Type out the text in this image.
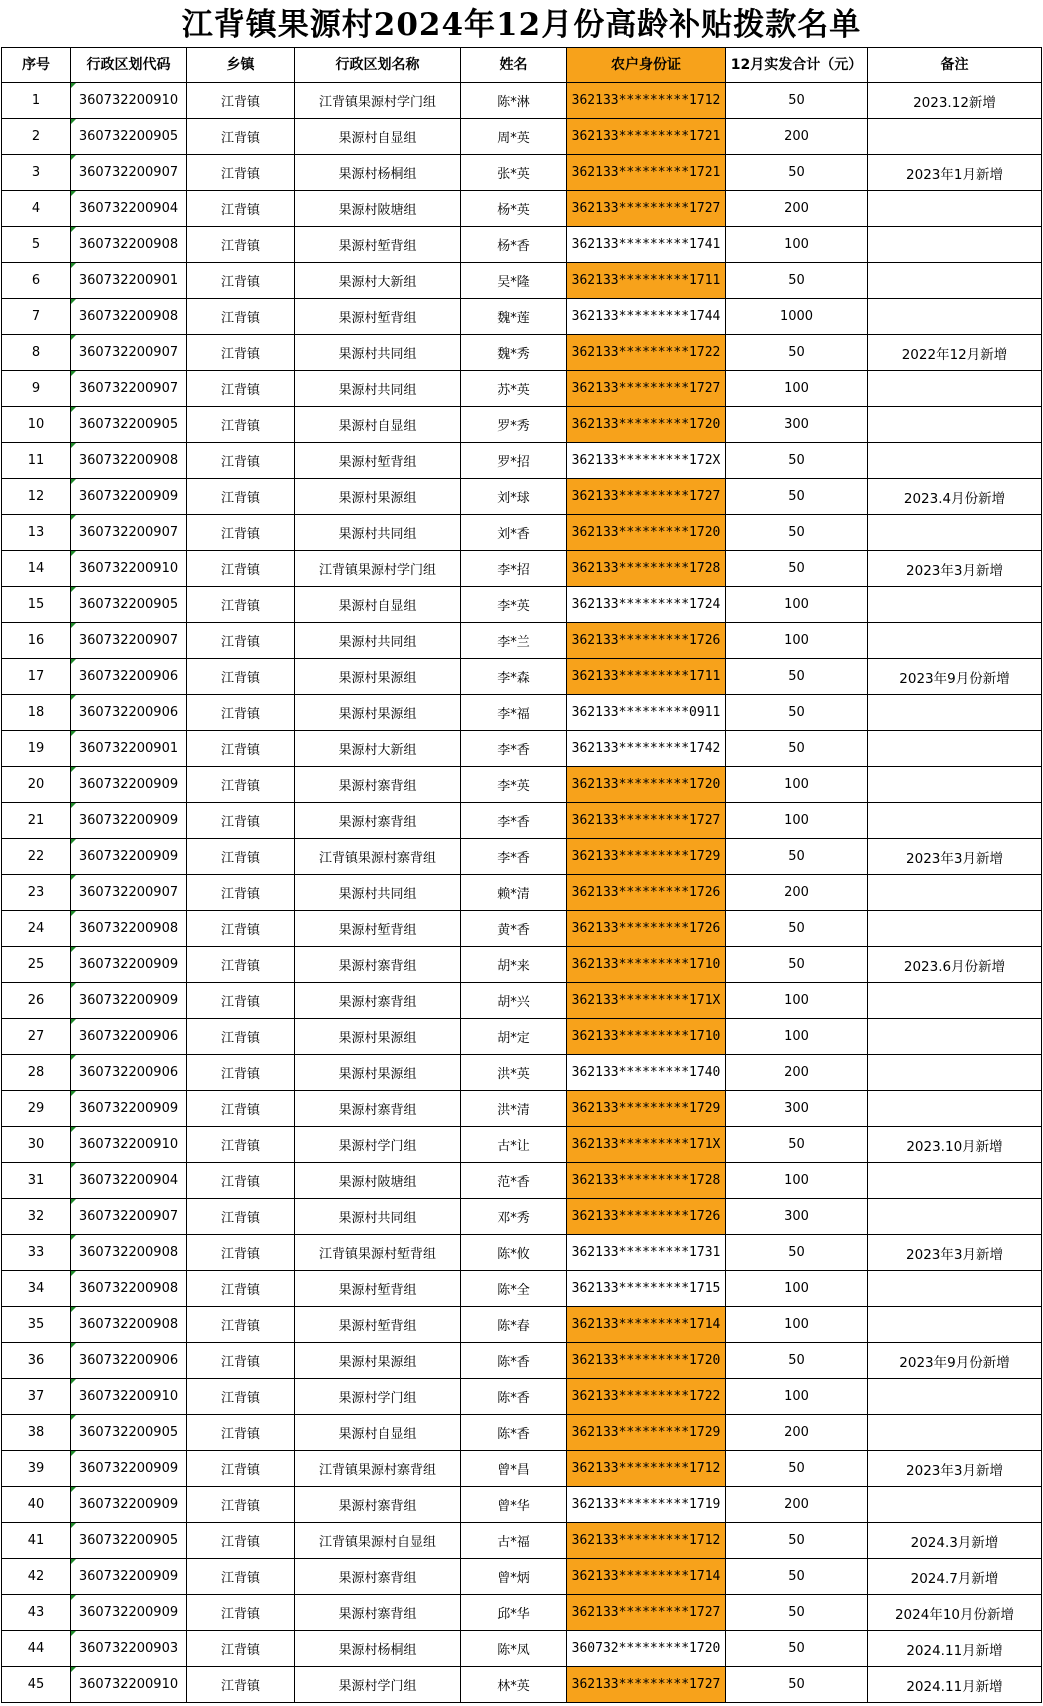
江背镇果源村2024年12月份高龄补贴拨款名单
序号	行政区划代码	乡镇	行政区划名称	姓名	农户身份证	12月实发合计（元）	备注
1	360732200910	江背镇	江背镇果源村学门组	陈*淋	362133*********1712	50	2023.12新增
2	360732200905	江背镇	果源村自显组	周*英	362133*********1721	200	
3	360732200907	江背镇	果源村杨桐组	张*英	362133*********1721	50	2023年1月新增
4	360732200904	江背镇	果源村陂塘组	杨*英	362133*********1727	200	
5	360732200908	江背镇	果源村堑背组	杨*香	362133*********1741	100	
6	360732200901	江背镇	果源村大新组	吴*隆	362133*********1711	50	
7	360732200908	江背镇	果源村堑背组	魏*莲	362133*********1744	1000	
8	360732200907	江背镇	果源村共同组	魏*秀	362133*********1722	50	2022年12月新增
9	360732200907	江背镇	果源村共同组	苏*英	362133*********1727	100	
10	360732200905	江背镇	果源村自显组	罗*秀	362133*********1720	300	
11	360732200908	江背镇	果源村堑背组	罗*招	362133*********172X	50	
12	360732200909	江背镇	果源村果源组	刘*球	362133*********1727	50	2023.4月份新增
13	360732200907	江背镇	果源村共同组	刘*香	362133*********1720	50	
14	360732200910	江背镇	江背镇果源村学门组	李*招	362133*********1728	50	2023年3月新增
15	360732200905	江背镇	果源村自显组	李*英	362133*********1724	100	
16	360732200907	江背镇	果源村共同组	李*兰	362133*********1726	100	
17	360732200906	江背镇	果源村果源组	李*森	362133*********1711	50	2023年9月份新增
18	360732200906	江背镇	果源村果源组	李*福	362133*********0911	50	
19	360732200901	江背镇	果源村大新组	李*香	362133*********1742	50	
20	360732200909	江背镇	果源村寨背组	李*英	362133*********1720	100	
21	360732200909	江背镇	果源村寨背组	李*香	362133*********1727	100	
22	360732200909	江背镇	江背镇果源村寨背组	李*香	362133*********1729	50	2023年3月新增
23	360732200907	江背镇	果源村共同组	赖*清	362133*********1726	200	
24	360732200908	江背镇	果源村堑背组	黄*香	362133*********1726	50	
25	360732200909	江背镇	果源村寨背组	胡*来	362133*********1710	50	2023.6月份新增
26	360732200909	江背镇	果源村寨背组	胡*兴	362133*********171X	100	
27	360732200906	江背镇	果源村果源组	胡*定	362133*********1710	100	
28	360732200906	江背镇	果源村果源组	洪*英	362133*********1740	200	
29	360732200909	江背镇	果源村寨背组	洪*清	362133*********1729	300	
30	360732200910	江背镇	果源村学门组	古*让	362133*********171X	50	2023.10月新增
31	360732200904	江背镇	果源村陂塘组	范*香	362133*********1728	100	
32	360732200907	江背镇	果源村共同组	邓*秀	362133*********1726	300	
33	360732200908	江背镇	江背镇果源村堑背组	陈*攸	362133*********1731	50	2023年3月新增
34	360732200908	江背镇	果源村堑背组	陈*全	362133*********1715	100	
35	360732200908	江背镇	果源村堑背组	陈*春	362133*********1714	100	
36	360732200906	江背镇	果源村果源组	陈*香	362133*********1720	50	2023年9月份新增
37	360732200910	江背镇	果源村学门组	陈*香	362133*********1722	100	
38	360732200905	江背镇	果源村自显组	陈*香	362133*********1729	200	
39	360732200909	江背镇	江背镇果源村寨背组	曾*昌	362133*********1712	50	2023年3月新增
40	360732200909	江背镇	果源村寨背组	曾*华	362133*********1719	200	
41	360732200905	江背镇	江背镇果源村自显组	古*福	362133*********1712	50	2024.3月新增
42	360732200909	江背镇	果源村寨背组	曾*炳	362133*********1714	50	2024.7月新增
43	360732200909	江背镇	果源村寨背组	邱*华	362133*********1727	50	2024年10月份新增
44	360732200903	江背镇	果源村杨桐组	陈*凤	360732*********1720	50	2024.11月新增
45	360732200910	江背镇	果源村学门组	林*英	362133*********1727	50	2024.11月新增
